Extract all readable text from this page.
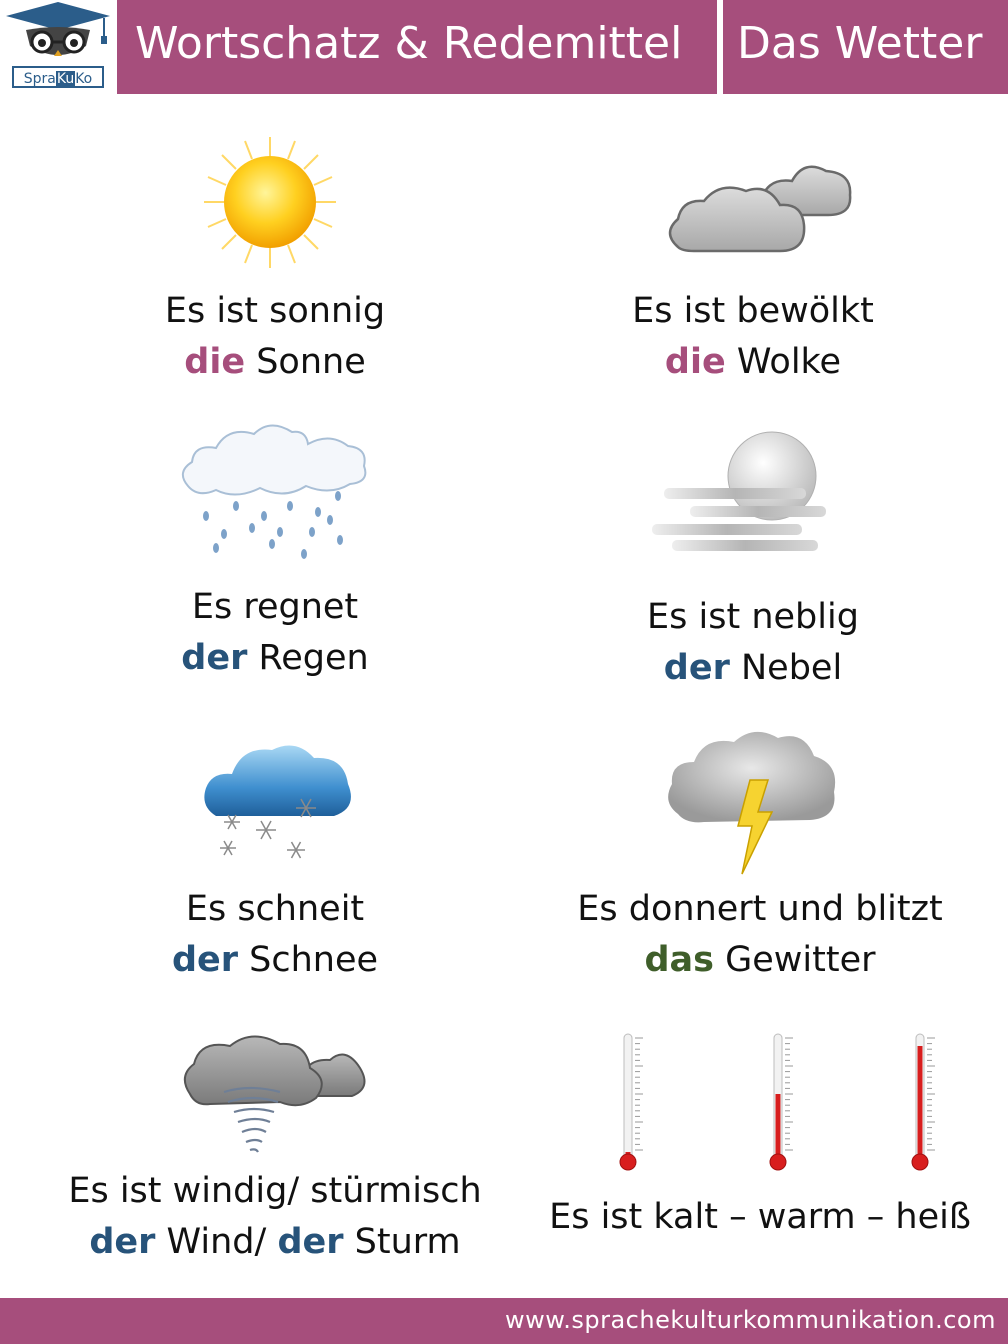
SpraKuKo
Wortschatz & Redemittel Das Wetter
Es ist sonnig
die Sonne
Es ist bewölkt
die Wolke
Es regnet
der Regen
Es ist neblig
der Nebel
Es schneit
der Schnee
Es donnert und blitzt
das Gewitter
Es ist windig/ stürmisch
der Wind/ der Sturm
Es ist kalt – warm – heiß
www.sprachekulturkommunikation.com
